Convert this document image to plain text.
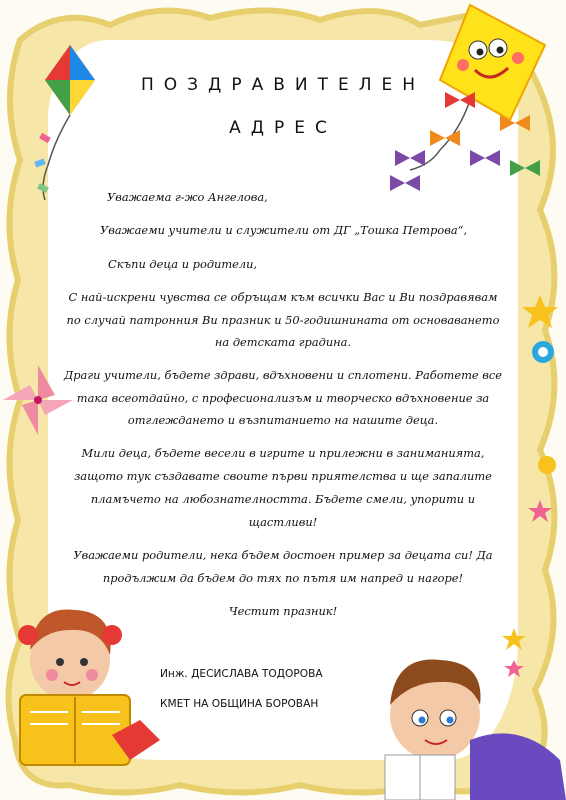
ПОЗДРАВИТЕЛЕН
АДРЕС
Уважаема г-жо Ангелова,
Уважаеми учители и служители от ДГ „Тошка Петрова“,
Скъпи деца и родители,
С най-искрени чувства се обръщам към всички Вас и Ви поздравявам
по случай патронния Ви празник и 50-годишнината от основаването
на детската градина.
Драги учители, бъдете здрави, вдъхновени и сплотени. Работете все
така всеотдайно, с професионализъм и творческо вдъхновение за
отглеждането и възпитанието на нашите деца.
Мили деца, бъдете весели в игрите и прилежни в заниманията,
защото тук създавате своите първи приятелства и ще запалите
пламъчето на любознателността. Бъдете смели, упорити и
щастливи!
Уважаеми родители, нека бъдем достоен пример за децата си! Да
продължим да бъдем до тях по пътя им напред и нагоре!
Честит празник!
Инж. ДЕСИСЛАВА ТОДОРОВА
КМЕТ НА ОБЩИНА БОРОВАН
